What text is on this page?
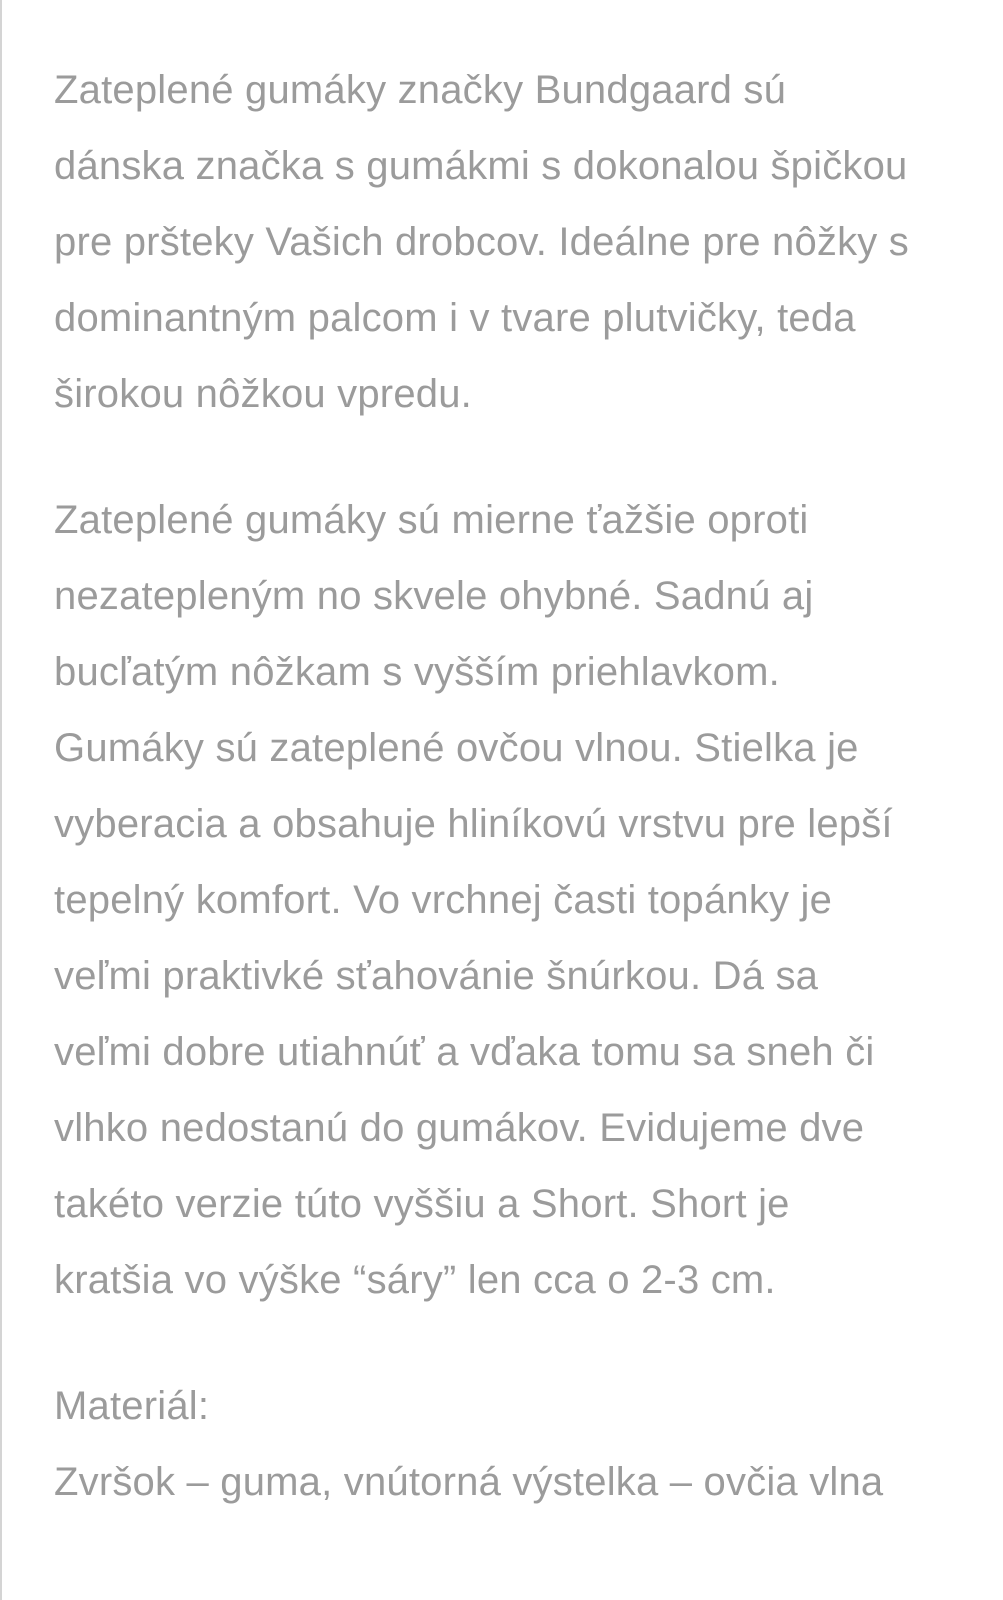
Zateplené gumáky značky Bundgaard sú
dánska značka s gumákmi s dokonalou špičkou
pre pršteky Vašich drobcov. Ideálne pre nôžky s
dominantným palcom i v tvare plutvičky, teda
širokou nôžkou vpredu.
Zateplené gumáky sú mierne ťažšie oproti
nezatepleným no skvele ohybné. Sadnú aj
bucľatým nôžkam s vyšším priehlavkom.
Gumáky sú zateplené ovčou vlnou. Stielka je
vyberacia a obsahuje hliníkovú vrstvu pre lepší
tepelný komfort. Vo vrchnej časti topánky je
veľmi praktivké sťahovánie šnúrkou. Dá sa
veľmi dobre utiahnúť a vďaka tomu sa sneh či
vlhko nedostanú do gumákov. Evidujeme dve
takéto verzie túto vyššiu a Short. Short je
kratšia vo výške “sáry” len cca o 2-3 cm.
Materiál:
Zvršok – guma, vnútorná výstelka – ovčia vlna
